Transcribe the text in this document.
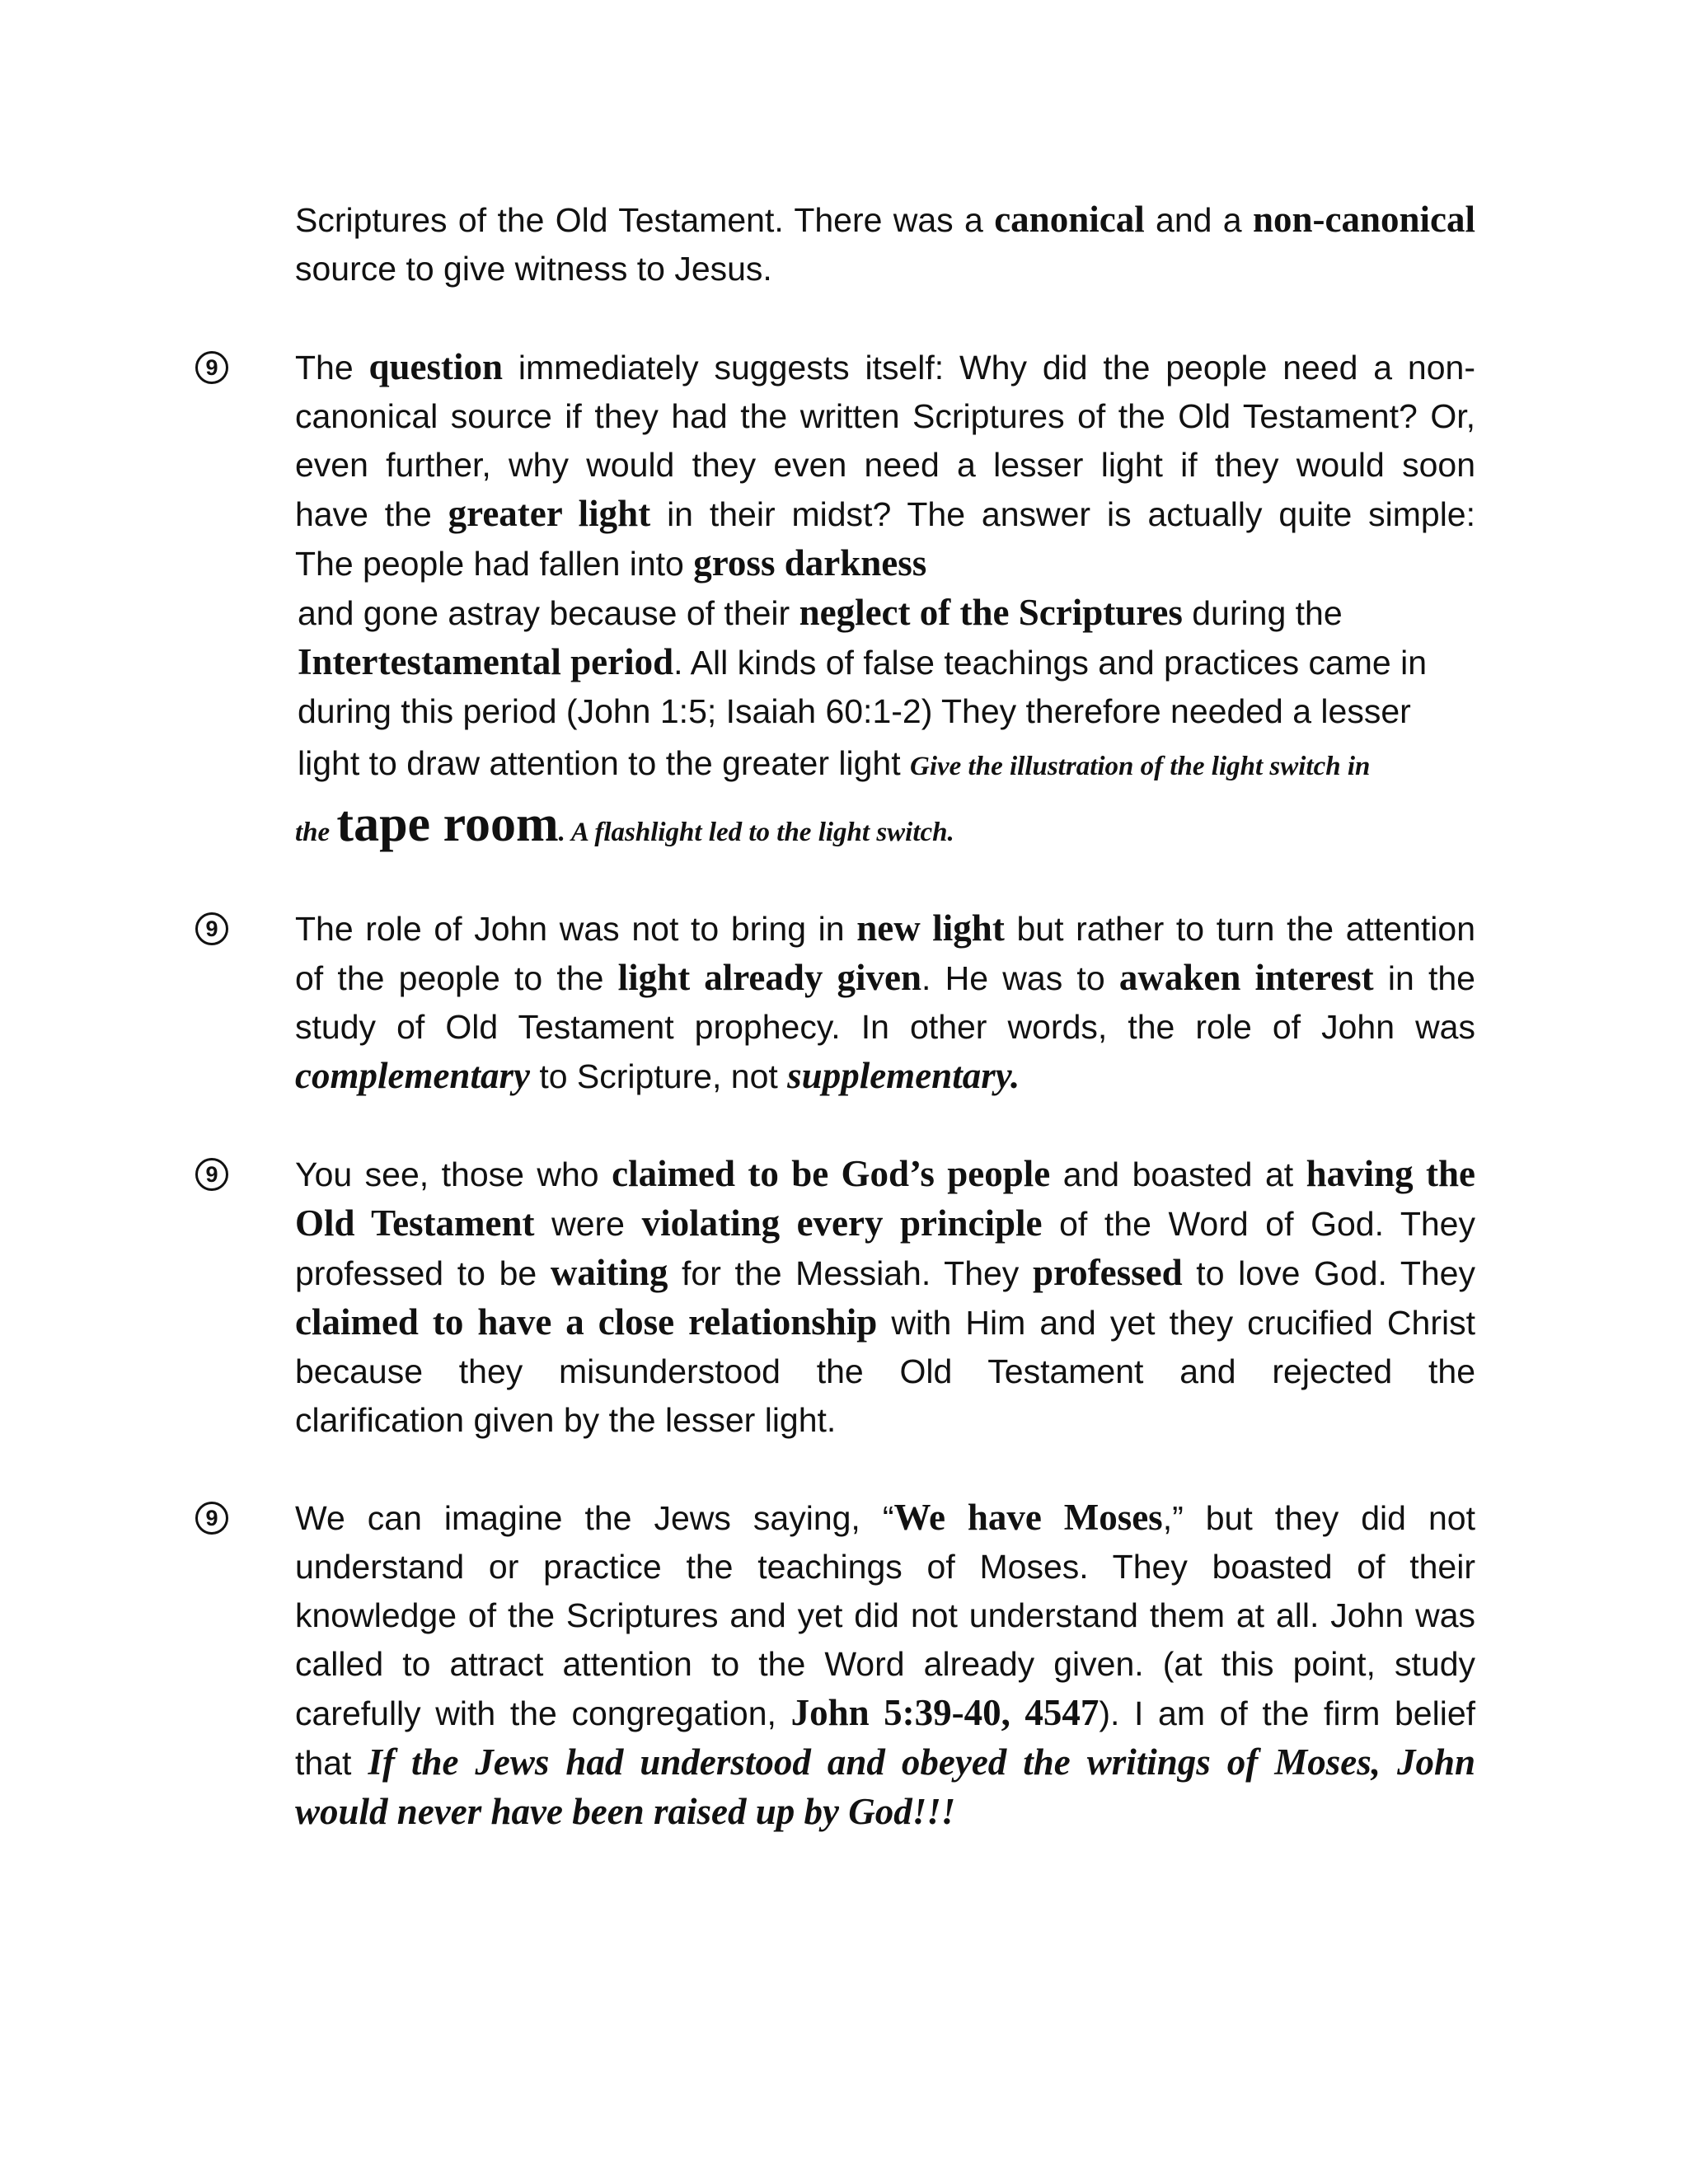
Scriptures of the Old Testament. There was a canonical and a non-canonical
source to give witness to Jesus.
9	The question immediately suggests itself: Why did the people need a non-
canonical source if they had the written Scriptures of the Old Testament? Or,
even further, why would they even need a lesser light if they would soon
have the greater light in their midst? The answer is actually quite simple:
The people had fallen into gross darkness
and gone astray because of their neglect of the Scriptures during the
Intertestamental period. All kinds of false teachings and practices came in
during this period (John 1:5; Isaiah 60:1-2) They therefore needed a lesser
light to draw attention to the greater light Give the illustration of the light switch in
the tape room. A flashlight led to the light switch.
9	The role of John was not to bring in new light but rather to turn the attention
of the people to the light already given. He was to awaken interest in the
study of Old Testament prophecy. In other words, the role of John was
complementary to Scripture, not supplementary.
9	You see, those who claimed to be God’s people and boasted at having the
Old Testament were violating every principle of the Word of God. They
professed to be waiting for the Messiah. They professed to love God. They
claimed to have a close relationship with Him and yet they crucified Christ
because they misunderstood the Old Testament and rejected the
clarification given by the lesser light.
9	We can imagine the Jews saying, “We have Moses,” but they did not
understand or practice the teachings of Moses. They boasted of their
knowledge of the Scriptures and yet did not understand them at all. John was
called to attract attention to the Word already given. (at this point, study
carefully with the congregation, John 5:39-40, 4547). I am of the firm belief
that If the Jews had understood and obeyed the writings of Moses, John
would never have been raised up by God!!!
